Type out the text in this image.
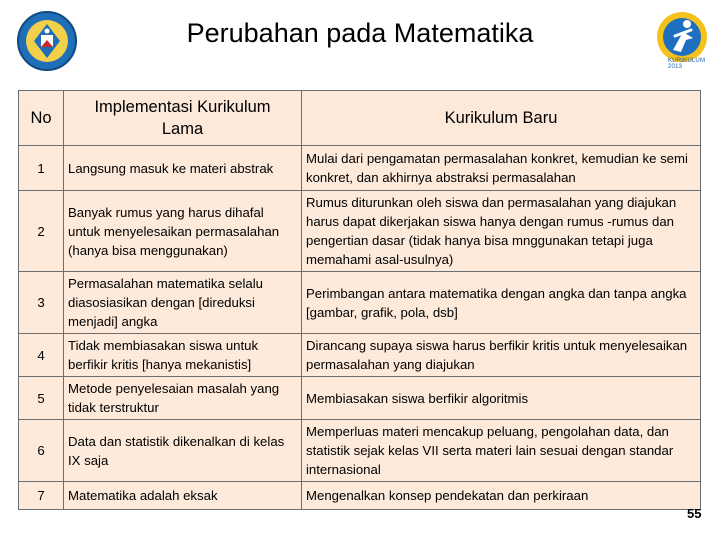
Perubahan pada Matematika
KURIKULUM 2013
No	Implementasi Kurikulum Lama	Kurikulum Baru
1	Langsung masuk ke materi abstrak	Mulai dari pengamatan permasalahan konkret, kemudian ke semi konkret, dan akhirnya abstraksi permasalahan
2	Banyak rumus yang harus dihafal untuk menyelesaikan permasalahan (hanya bisa menggunakan)	Rumus diturunkan oleh siswa dan permasalahan yang diajukan harus dapat dikerjakan siswa hanya dengan rumus -rumus dan pengertian dasar (tidak hanya bisa mnggunakan tetapi juga memahami asal-usulnya)
3	Permasalahan matematika selalu diasosiasikan dengan [direduksi menjadi] angka	Perimbangan antara matematika dengan angka dan tanpa angka [gambar, grafik, pola, dsb]
4	Tidak membiasakan siswa untuk berfikir kritis [hanya mekanistis]	Dirancang supaya siswa harus berfikir kritis untuk menyelesaikan permasalahan yang diajukan
5	Metode penyelesaian masalah yang tidak terstruktur	Membiasakan siswa berfikir algoritmis
6	Data dan statistik dikenalkan di kelas IX saja	Memperluas materi mencakup peluang, pengolahan data, dan statistik sejak kelas VII serta materi lain sesuai dengan standar internasional
7	Matematika adalah eksak	Mengenalkan konsep pendekatan dan perkiraan
55
